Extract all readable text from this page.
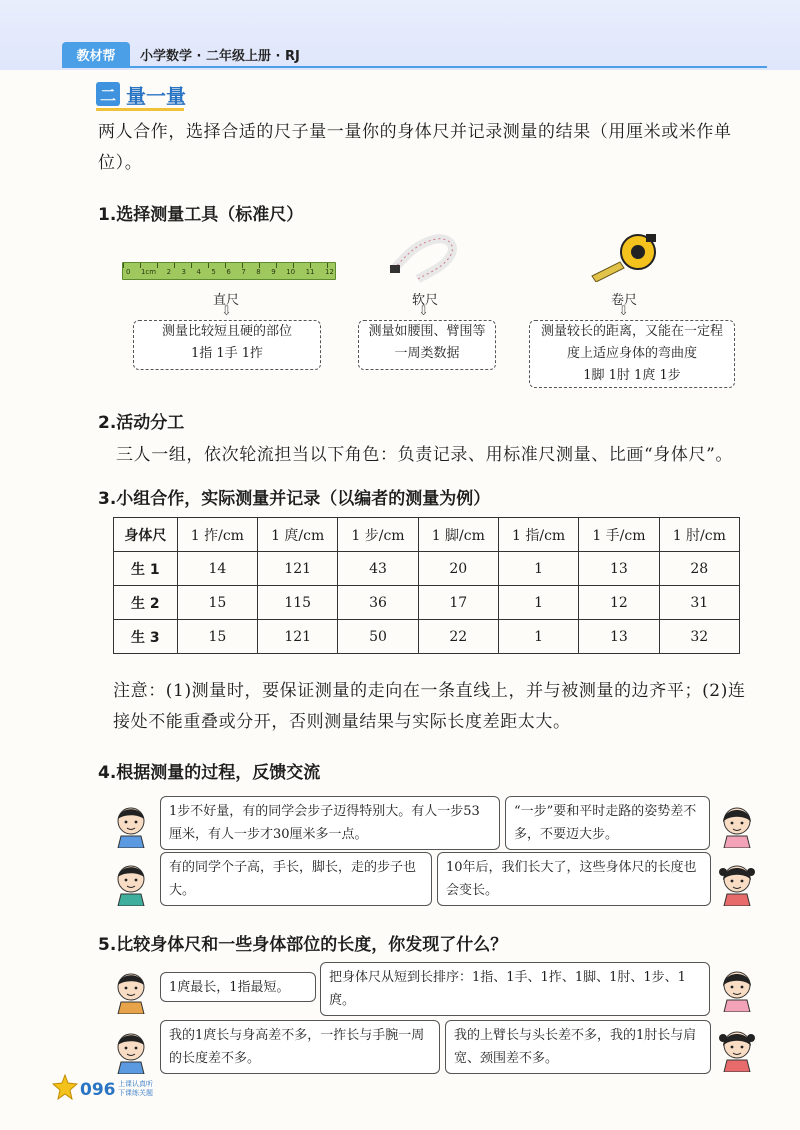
教材帮	小学数学 · 二年级上册 · RJ
二 量一量
两人合作，选择合适的尺子量一量你的身体尺并记录测量的结果（用厘米或米作单位）。
1.选择测量工具（标准尺）
0 1cm 2 3 4 5 6 7 8 9 10 11 12
直尺	软尺	卷尺
⇩	⇩	⇩
测量比较短且硬的部位
1指 1手 1拃
测量如腰围、臂围等一周类数据
测量较长的距离，又能在一定程度上适应身体的弯曲度
1脚 1肘 1庹 1步
2.活动分工
三人一组，依次轮流担当以下角色：负责记录、用标准尺测量、比画“身体尺”。
3.小组合作，实际测量并记录（以编者的测量为例）
身体尺	1 拃/cm	1 庹/cm	1 步/cm	1 脚/cm	1 指/cm	1 手/cm	1 肘/cm
生 1	14	121	43	20	1	13	28
生 2	15	115	36	17	1	12	31
生 3	15	121	50	22	1	13	32
注意：(1)测量时，要保证测量的走向在一条直线上，并与被测量的边齐平；(2)连接处不能重叠或分开，否则测量结果与实际长度差距太大。
4.根据测量的过程，反馈交流
1步不好量，有的同学会步子迈得特别大。有人一步53厘米，有人一步才30厘米多一点。
“一步”要和平时走路的姿势差不多，不要迈大步。
有的同学个子高，手长，脚长，走的步子也大。
10年后，我们长大了，这些身体尺的长度也会变长。
5.比较身体尺和一些身体部位的长度，你发现了什么？
1庹最长，1指最短。
把身体尺从短到长排序：1指、1手、1拃、1脚、1肘、1步、1庹。
我的1庹长与身高差不多，一拃长与手腕一周的长度差不多。
我的上臂长与头长差不多，我的1肘长与肩宽、颈围差不多。
096 上课认真听
下课练关题
